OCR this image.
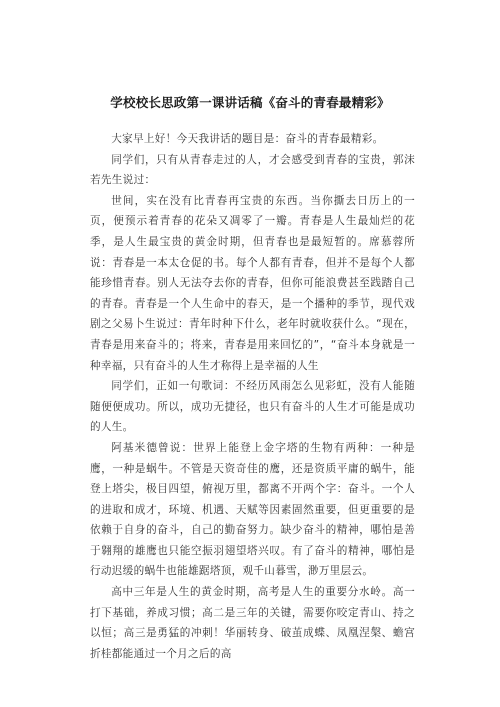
学校校长思政第一课讲话稿《奋斗的青春最精彩》

大家早上好！今天我讲话的题目是：奋斗的青春最精彩。

同学们，只有从青春走过的人，才会感受到青春的宝贵，郭沫若先生说过：

世间，实在没有比青春再宝贵的东西。当你撕去日历上的一页，便预示着青春的花朵又凋零了一瓣。青春是人生最灿烂的花季，是人生最宝贵的黄金时期，但青春也是最短暂的。席慕蓉所说：青春是一本太仓促的书。每个人都有青春，但并不是每个人都能珍惜青春。别人无法夺去你的青春，但你可能浪费甚至践踏自己的青春。青春是一个人生命中的春天，是一个播种的季节，现代戏剧之父易卜生说过：青年时种下什么，老年时就收获什么。“现在，青春是用来奋斗的；将来，青春是用来回忆的”，“奋斗本身就是一种幸福，只有奋斗的人生才称得上是幸福的人生

同学们，正如一句歌词：不经历风雨怎么见彩虹，没有人能随随便便成功。所以，成功无捷径，也只有奋斗的人生才可能是成功的人生。

阿基米德曾说：世界上能登上金字塔的生物有两种：一种是鹰，一种是蜗牛。不管是天资奇佳的鹰，还是资质平庸的蜗牛，能登上塔尖，极目四望，俯视万里，都离不开两个字：奋斗。一个人的进取和成才，环境、机遇、天赋等因素固然重要，但更重要的是依赖于自身的奋斗，自己的勤奋努力。缺少奋斗的精神，哪怕是善于翱翔的雄鹰也只能空振羽翅望塔兴叹。有了奋斗的精神，哪怕是行动迟缓的蜗牛也能雄踞塔顶，观千山暮雪，渺万里层云。

高中三年是人生的黄金时期，高考是人生的重要分水岭。高一打下基础，养成习惯；高二是三年的关键，需要你咬定青山、持之以恒；高三是勇猛的冲刺！华丽转身、破茧成蝶、凤凰涅槃、蟾宫折桂都能通过一个月之后的高
